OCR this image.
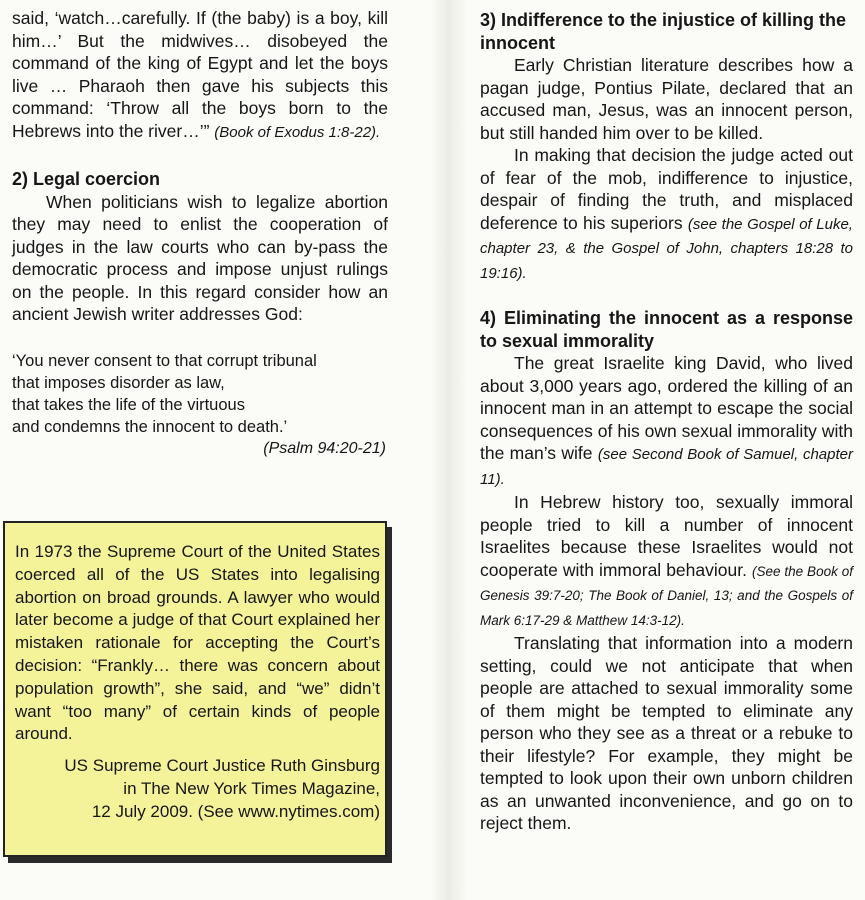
said, ‘watch…carefully. If (the baby) is a boy, kill him…’ But the midwives… disobeyed the command of the king of Egypt and let the boys live … Pharaoh then gave his subjects this command: ‘Throw all the boys born to the Hebrews into the river…’” (Book of Exodus 1:8-22).

2) Legal coercion

When politicians wish to legalize abortion they may need to enlist the cooperation of judges in the law courts who can by-pass the democratic process and impose unjust rulings on the people. In this regard consider how an ancient Jewish writer addresses God:

‘You never consent to that corrupt tribunal
that imposes disorder as law,
that takes the life of the virtuous
and condemns the innocent to death.’
(Psalm 94:20-21)

In 1973 the Supreme Court of the United States coerced all of the US States into legalising abortion on broad grounds. A lawyer who would later become a judge of that Court explained her mistaken rationale for accepting the Court’s decision: “Frankly… there was concern about population growth”, she said, and “we” didn’t want “too many” of certain kinds of people around.

US Supreme Court Justice Ruth Ginsburg
in The New York Times Magazine,
12 July 2009. (See www.nytimes.com)
3) Indifference to the injustice of killing the innocent

Early Christian literature describes how a pagan judge, Pontius Pilate, declared that an accused man, Jesus, was an innocent person, but still handed him over to be killed.

In making that decision the judge acted out of fear of the mob, indifference to injustice, despair of finding the truth, and misplaced deference to his superiors (see the Gospel of Luke, chapter 23, & the Gospel of John, chapters 18:28 to 19:16).

4) Eliminating the innocent as a response to sexual immorality

The great Israelite king David, who lived about 3,000 years ago, ordered the killing of an innocent man in an attempt to escape the social consequences of his own sexual immorality with the man’s wife (see Second Book of Samuel, chapter 11).

In Hebrew history too, sexually immoral people tried to kill a number of innocent Israelites because these Israelites would not cooperate with immoral behaviour. (See the Book of Genesis 39:7-20; The Book of Daniel, 13; and the Gospels of Mark 6:17-29 & Matthew 14:3-12).

Translating that information into a modern setting, could we not anticipate that when people are attached to sexual immorality some of them might be tempted to eliminate any person who they see as a threat or a rebuke to their lifestyle? For example, they might be tempted to look upon their own unborn children as an unwanted inconvenience, and go on to reject them.
